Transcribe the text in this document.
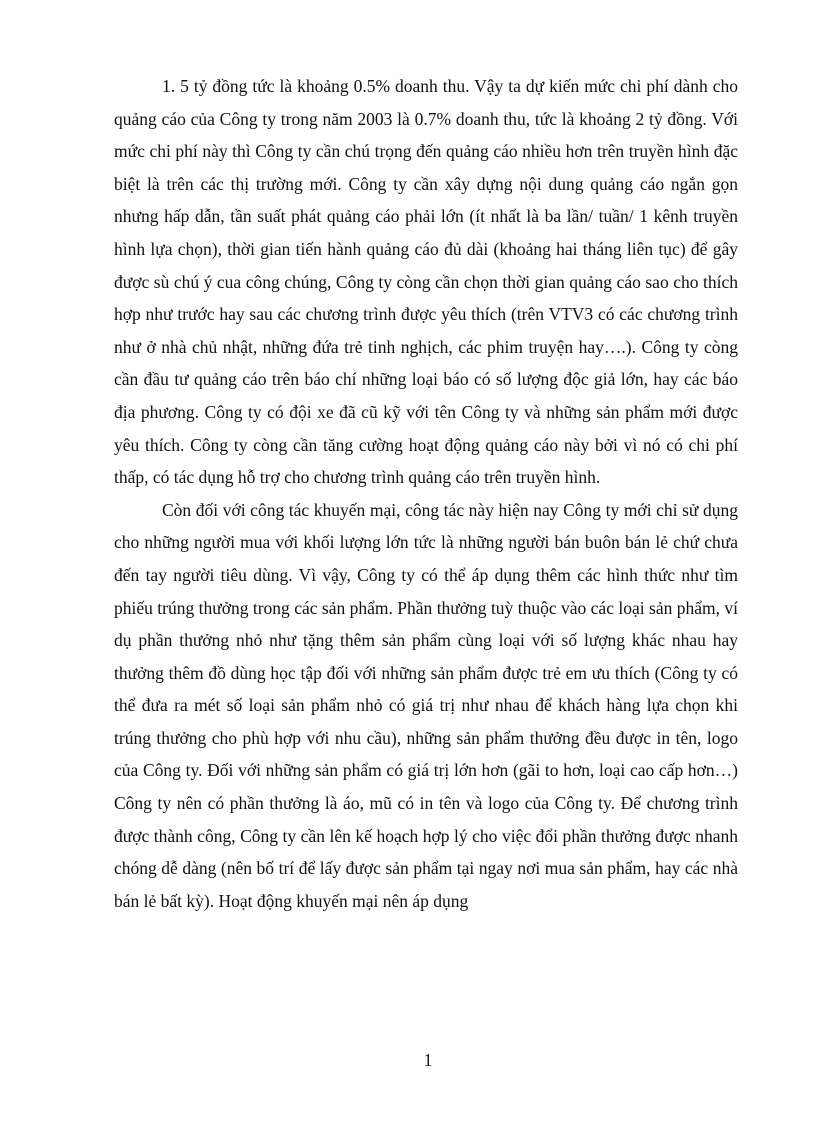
1. 5 tỷ đồng tức là khoảng 0.5% doanh thu. Vậy ta dự kiến mức chi phí dành cho quảng cáo của Công ty trong năm 2003 là 0.7% doanh thu, tức là khoảng 2 tỷ đồng. Với mức chi phí này thì Công ty cần chú trọng đến quảng cáo nhiều hơn trên truyền hình đặc biệt là trên các thị trường mới. Công ty cần xây dựng nội dung quảng cáo ngắn gọn nhưng hấp dẫn, tần suất phát quảng cáo phải lớn (ít nhất là ba lần/ tuần/ 1 kênh truyền hình lựa chọn), thời gian tiến hành quảng cáo đủ dài (khoảng hai tháng liên tục) để gây được sù chú ý cua công chúng, Công ty còng cần chọn thời gian quảng cáo sao cho thích hợp như trước hay sau các chương trình được yêu thích (trên VTV3 có các chương trình như ở nhà chủ nhật, những đứa trẻ tinh nghịch, các phim truyện hay….). Công ty còng cần đầu tư quảng cáo trên báo chí những loại báo có số lượng độc giả lớn, hay các báo địa phương. Công ty có đội xe đã cũ kỹ với tên Công ty và những sản phẩm mới được yêu thích. Công ty còng cần tăng cường hoạt động quảng cáo này bởi vì nó có chi phí thấp, có tác dụng hỗ trợ cho chương trình quảng cáo trên truyền hình.

Còn đối với công tác khuyến mại, công tác này hiện nay Công ty mới chỉ sử dụng cho những người mua với khối lượng lớn tức là những người bán buôn bán lẻ chứ chưa đến tay người tiêu dùng. Vì vậy, Công ty có thể áp dụng thêm các hình thức như tìm phiếu trúng thưởng trong các sản phẩm. Phần thưởng tuỳ thuộc vào các loại sản phẩm, ví dụ phần thưởng nhỏ như tặng thêm sản phẩm cùng loại với số lượng khác nhau hay thưởng thêm đồ dùng học tập đối với những sản phẩm được trẻ em ưu thích (Công ty có thể đưa ra mét số loại sản phẩm nhỏ có giá trị như nhau để khách hàng lựa chọn khi trúng thưởng cho phù hợp với nhu cầu), những sản phẩm thưởng đều được in tên, logo của Công ty. Đối với những sản phẩm có giá trị lớn hơn (gãi to hơn, loại cao cấp hơn…) Công ty nên có phần thưởng là áo, mũ có in tên và logo của Công ty. Để chương trình được thành công, Công ty cần lên kế hoạch hợp lý cho việc đổi phần thưởng được nhanh chóng dễ dàng (nên bố trí để lấy được sản phẩm tại ngay nơi mua sản phẩm, hay các nhà bán lẻ bất kỳ). Hoạt động khuyến mại nên áp dụng

1
